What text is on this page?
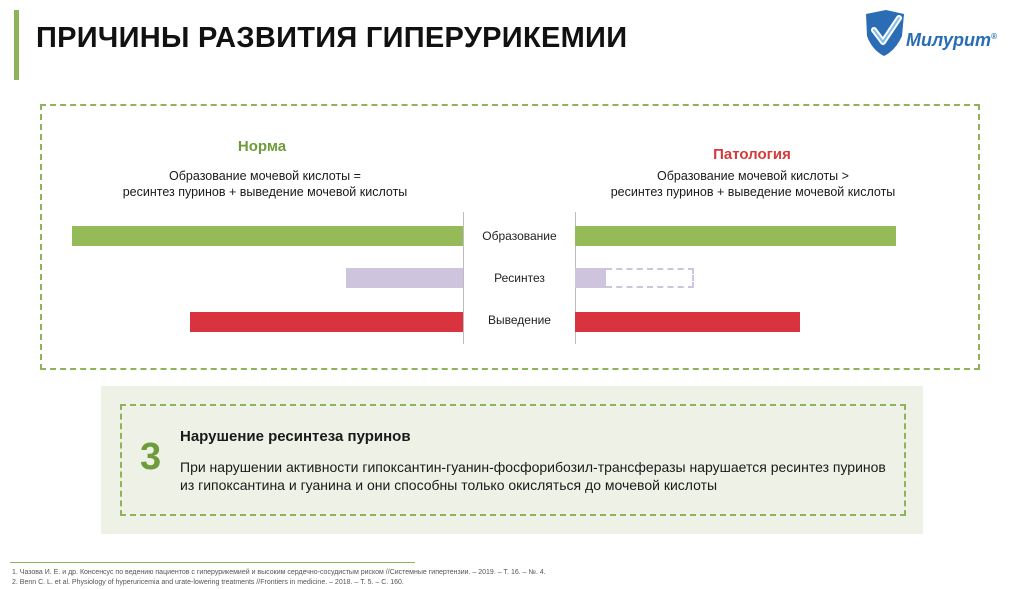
ПРИЧИНЫ РАЗВИТИЯ ГИПЕРУРИКЕМИИ	Милурит®
Норма
Образование мочевой кислоты =
ресинтез пуринов + выведение мочевой кислоты
Патология
Образование мочевой кислоты >
ресинтез пуринов + выведение мочевой кислоты
Образование
Ресинтез
Выведение
3 Нарушение ресинтеза пуринов
При нарушении активности гипоксантин-гуанин-фосфорибозил-трансферазы нарушается ресинтез пуринов из гипоксантина и гуанина и они способны только окисляться до мочевой кислоты
1. Чазова И. Е. и др. Консенсус по ведению пациентов с гиперурикемией и высоким сердечно-сосудистым риском //Системные гипертензии. – 2019. – Т. 16. – №. 4.
2. Benn C. L. et al. Physiology of hyperuricemia and urate-lowering treatments //Frontiers in medicine. – 2018. – Т. 5. – С. 160.
